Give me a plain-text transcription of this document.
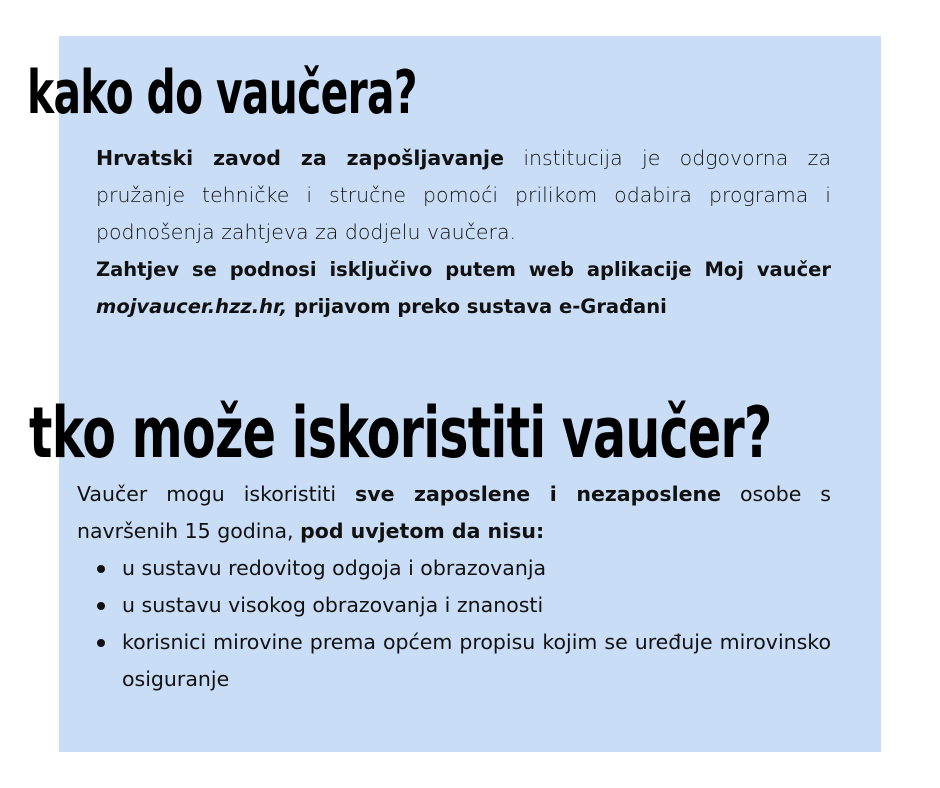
kako do vaučera?

Hrvatski zavod za zapošljavanje institucija je odgovorna za pružanje tehničke i stručne pomoći prilikom odabira programa i podnošenja zahtjeva za dodjelu vaučera.

Zahtjev se podnosi isključivo putem web aplikacije Moj vaučer mojvaucer.hzz.hr, prijavom preko sustava e-Građani

tko može iskoristiti vaučer?

Vaučer mogu iskoristiti sve zaposlene i nezaposlene osobe s navršenih 15 godina, pod uvjetom da nisu:

u sustavu redovitog odgoja i obrazovanja
u sustavu visokog obrazovanja i znanosti
korisnici mirovine prema općem propisu kojim se uređuje mirovinsko osiguranje
